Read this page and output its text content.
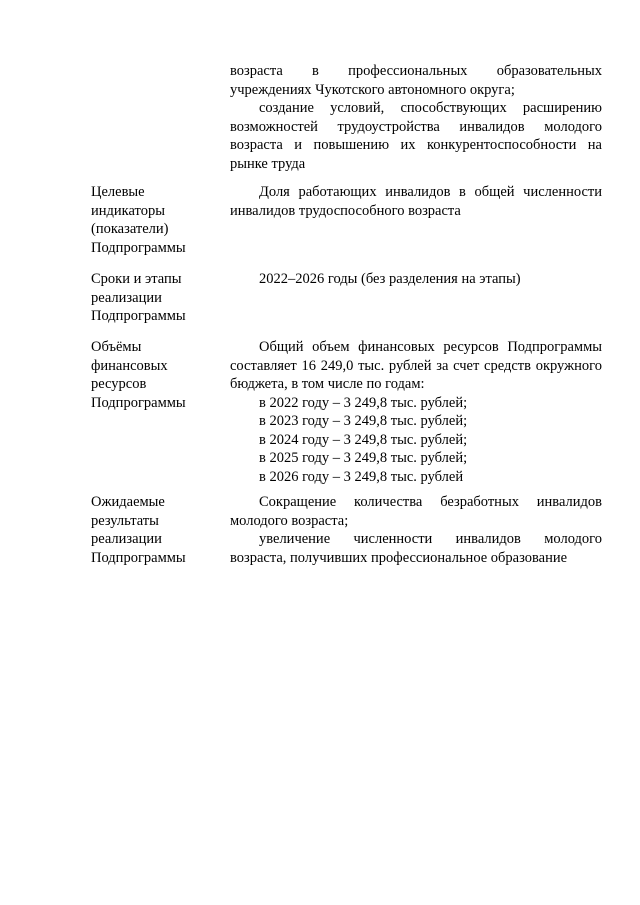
возраста в профессиональных образовательных учреждениях Чукотского автономного округа;

создание условий, способствующих расширению возможностей трудоустройства инвалидов молодого возраста и повышению их конкурентоспособности на рынке труда

Целевые
индикаторы
(показатели)
Подпрограммы

Доля работающих инвалидов в общей численности инвалидов трудоспособного возраста

Сроки и этапы
реализации
Подпрограммы

2022–2026 годы (без разделения на этапы)

Объёмы
финансовых
ресурсов
Подпрограммы

Общий объем финансовых ресурсов Подпрограммы составляет 16 249,0 тыс. рублей за счет средств окружного бюджета, в том числе по годам:

в 2022 году – 3 249,8 тыс. рублей;

в 2023 году – 3 249,8 тыс. рублей;

в 2024 году – 3 249,8 тыс. рублей;

в 2025 году – 3 249,8 тыс. рублей;

в 2026 году – 3 249,8 тыс. рублей

Ожидаемые
результаты
реализации
Подпрограммы

Сокращение количества безработных инвалидов молодого возраста;

увеличение численности инвалидов молодого возраста, получивших профессиональное образование
